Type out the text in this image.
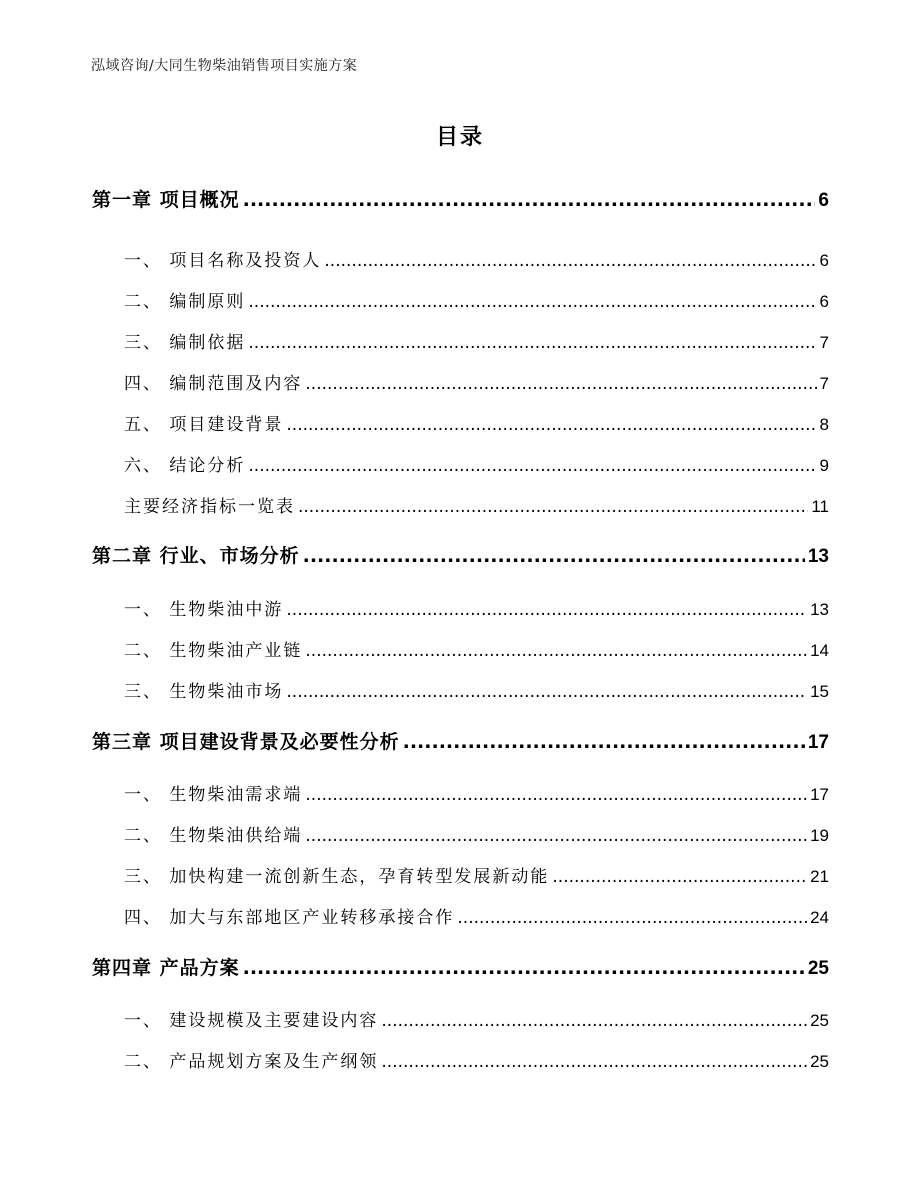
泓域咨询/大同生物柴油销售项目实施方案
目录
第一章 项目概况 .....	6
一、 项目名称及投资人 .....	6
二、 编制原则 .....	6
三、 编制依据 .....	7
四、 编制范围及内容 .....	7
五、 项目建设背景 .....	8
六、 结论分析 .....	9
主要经济指标一览表 .....	11
第二章 行业、市场分析 .....	13
一、 生物柴油中游 .....	13
二、 生物柴油产业链 .....	14
三、 生物柴油市场 .....	15
第三章 项目建设背景及必要性分析 .....	17
一、 生物柴油需求端 .....	17
二、 生物柴油供给端 .....	19
三、 加快构建一流创新生态，孕育转型发展新动能 .....	21
四、 加大与东部地区产业转移承接合作 .....	24
第四章 产品方案 .....	25
一、 建设规模及主要建设内容 .....	25
二、 产品规划方案及生产纲领 .....	25
